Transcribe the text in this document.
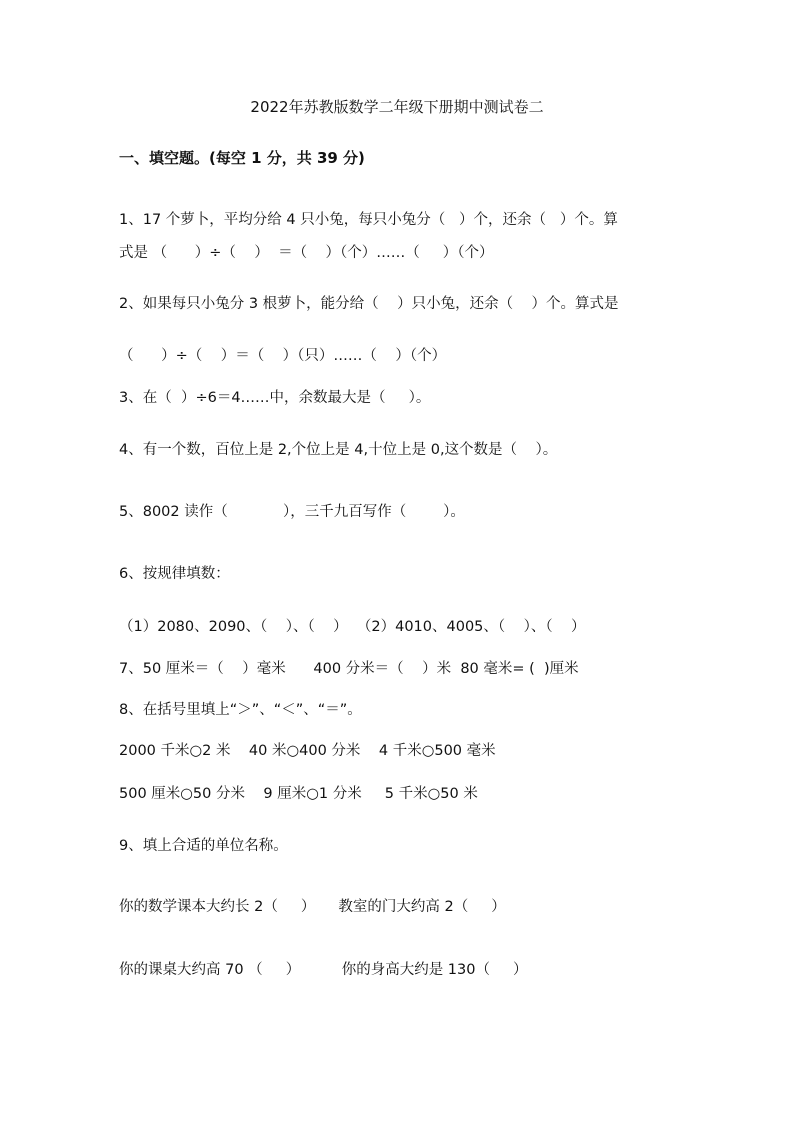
2022年苏教版数学二年级下册期中测试卷二
一、填空题。(每空 1 分，共 39 分)
1、17 个萝卜，平均分给 4 只小兔，每只小兔分（   ）个，还余（   ）个。算
式是 （      ）÷（    ）  ＝（    ）（个）……（     ）（个）
2、如果每只小兔分 3 根萝卜，能分给（    ）只小兔，还余（    ）个。算式是
（      ）÷（    ）＝（    ）（只）……（    ）（个）
3、在（  ）÷6＝4……中，余数最大是（     ）。
4、有一个数，百位上是 2,个位上是 4,十位上是 0,这个数是（    ）。
5、8002 读作（            ），三千九百写作（        ）。
6、按规律填数：
（1）2080、2090、（    ）、（    ）  （2）4010、4005、（    ）、（    ）
7、50 厘米＝（    ）毫米      400 分米＝（    ）米  80 毫米= (  )厘米
8、在括号里填上“＞”、“＜”、“＝”。
2000 千米○2 米    40 米○400 分米    4 千米○500 毫米
500 厘米○50 分米    9 厘米○1 分米     5 千米○50 米
9、填上合适的单位名称。
你的数学课本大约长 2（     ）     教室的门大约高 2（     ）
你的课桌大约高 70 （     ）         你的身高大约是 130（     ）
